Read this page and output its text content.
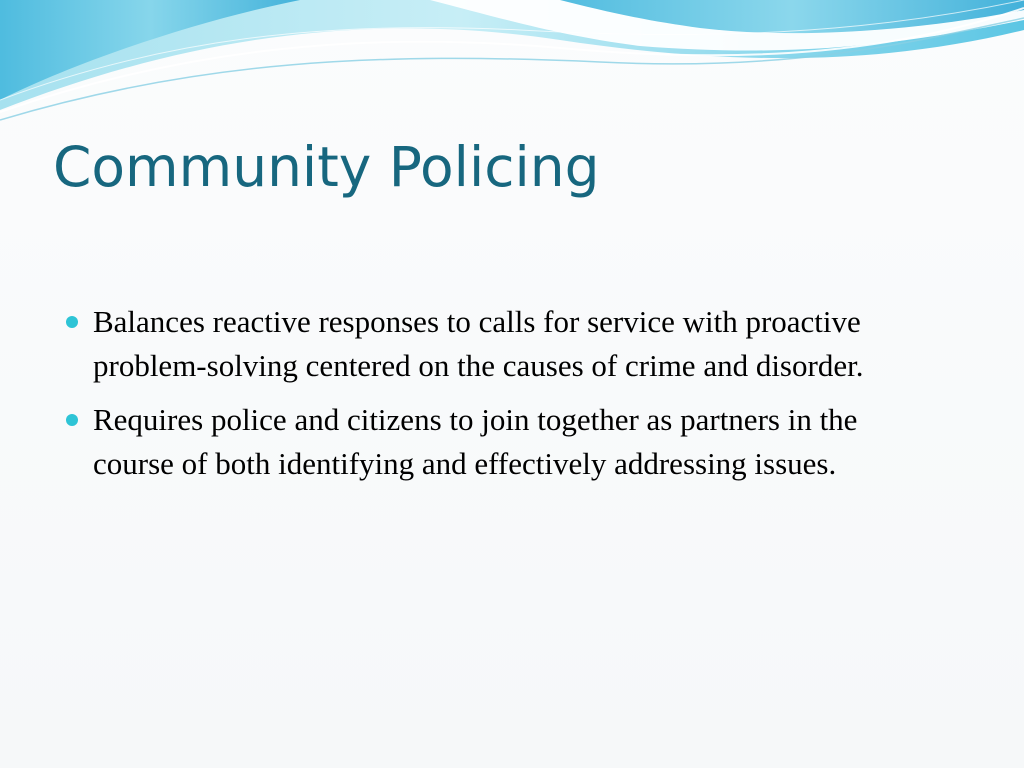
Community Policing
Balances reactive responses to calls for service with proactive problem-solving centered on the causes of crime and disorder.
Requires police and citizens to join together as partners in the course of both identifying and effectively addressing issues.
